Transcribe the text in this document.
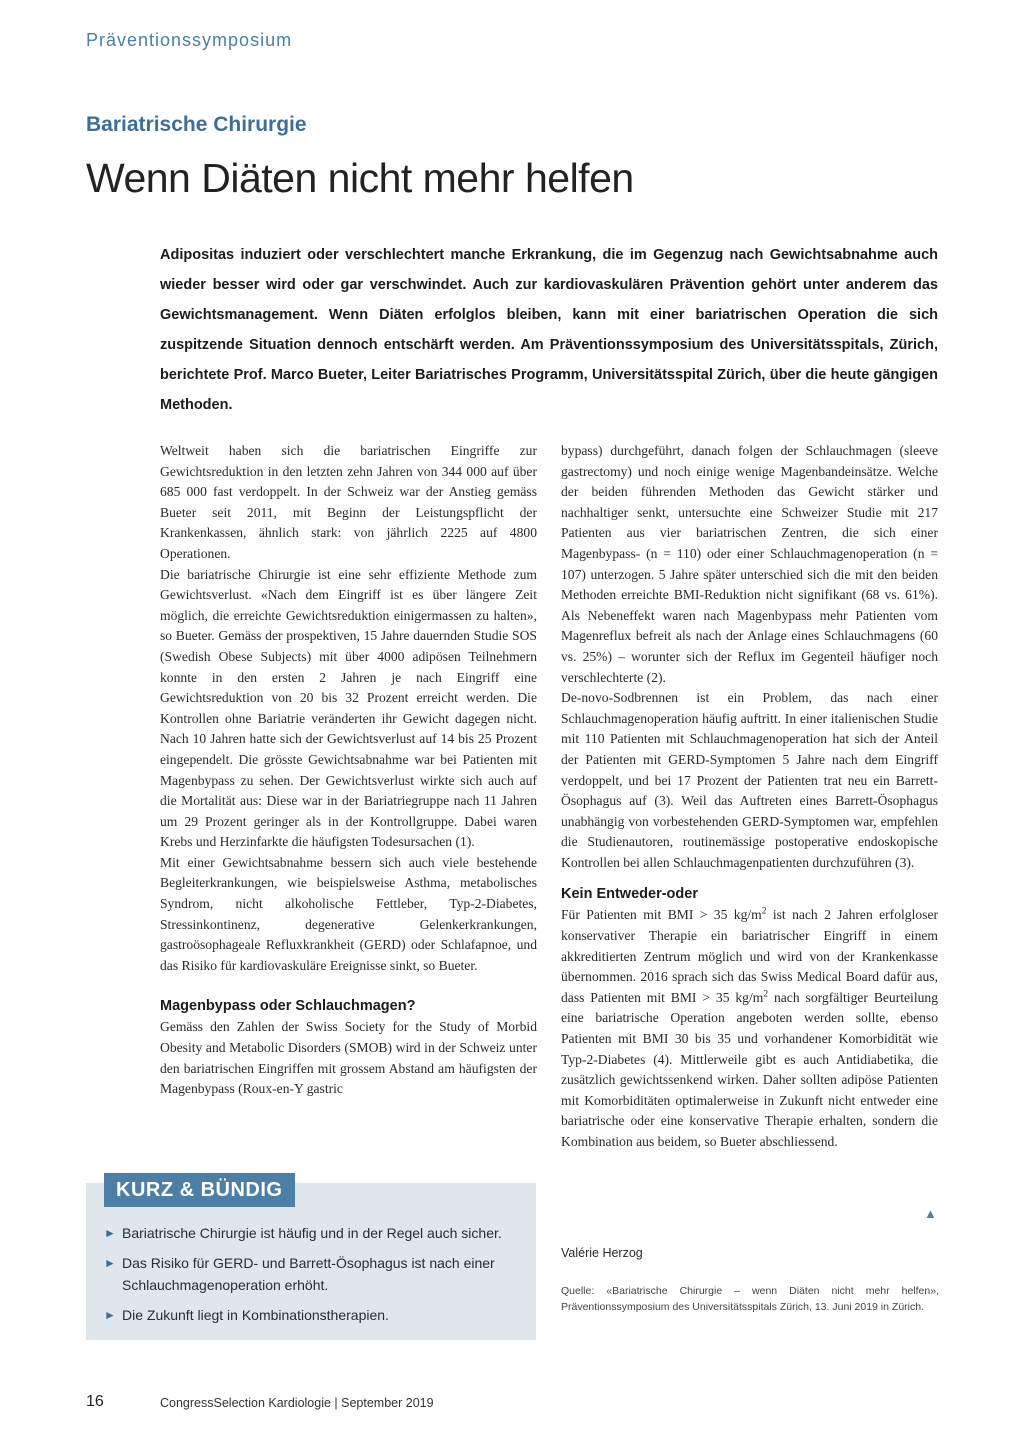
Präventionssymposium
Bariatrische Chirurgie
Wenn Diäten nicht mehr helfen
Adipositas induziert oder verschlechtert manche Erkrankung, die im Gegenzug nach Gewichtsabnahme auch wieder besser wird oder gar verschwindet. Auch zur kardiovaskulären Prävention gehört unter anderem das Gewichtsmanagement. Wenn Diäten erfolglos bleiben, kann mit einer bariatrischen Operation die sich zuspitzende Situation dennoch entschärft werden. Am Präventionssymposium des Universitätsspitals, Zürich, berichtete Prof. Marco Bueter, Leiter Bariatrisches Programm, Universitätsspital Zürich, über die heute gängigen Methoden.

Weltweit haben sich die bariatrischen Eingriffe zur Gewichtsreduktion in den letzten zehn Jahren von 344 000 auf über 685 000 fast verdoppelt. In der Schweiz war der Anstieg gemäss Bueter seit 2011, mit Beginn der Leistungspflicht der Krankenkassen, ähnlich stark: von jährlich 2225 auf 4800 Operationen.

Die bariatrische Chirurgie ist eine sehr effiziente Methode zum Gewichtsverlust. «Nach dem Eingriff ist es über längere Zeit möglich, die erreichte Gewichtsreduktion einigermassen zu halten», so Bueter. Gemäss der prospektiven, 15 Jahre dauernden Studie SOS (Swedish Obese Subjects) mit über 4000 adipösen Teilnehmern konnte in den ersten 2 Jahren je nach Eingriff eine Gewichtsreduktion von 20 bis 32 Prozent erreicht werden. Die Kontrollen ohne Bariatrie veränderten ihr Gewicht dagegen nicht. Nach 10 Jahren hatte sich der Gewichtsverlust auf 14 bis 25 Prozent eingependelt. Die grösste Gewichtsabnahme war bei Patienten mit Magenbypass zu sehen. Der Gewichtsverlust wirkte sich auch auf die Mortalität aus: Diese war in der Bariatriegruppe nach 11 Jahren um 29 Prozent geringer als in der Kontrollgruppe. Dabei waren Krebs und Herzinfarkte die häufigsten Todesursachen (1).

Mit einer Gewichtsabnahme bessern sich auch viele bestehende Begleiterkrankungen, wie beispielsweise Asthma, metabolisches Syndrom, nicht alkoholische Fettleber, Typ-2-Diabetes, Stressinkontinenz, degenerative Gelenkerkrankungen, gastroösophageale Refluxkrankheit (GERD) oder Schlafapnoe, und das Risiko für kardiovaskuläre Ereignisse sinkt, so Bueter.

Magenbypass oder Schlauchmagen?

Gemäss den Zahlen der Swiss Society for the Study of Morbid Obesity and Metabolic Disorders (SMOB) wird in der Schweiz unter den bariatrischen Eingriffen mit grossem Abstand am häufigsten der Magenbypass (Roux-en-Y gastric

bypass) durchgeführt, danach folgen der Schlauchmagen (sleeve gastrectomy) und noch einige wenige Magenbandeinsätze. Welche der beiden führenden Methoden das Gewicht stärker und nachhaltiger senkt, untersuchte eine Schweizer Studie mit 217 Patienten aus vier bariatrischen Zentren, die sich einer Magenbypass- (n = 110) oder einer Schlauchmagenoperation (n = 107) unterzogen. 5 Jahre später unterschied sich die mit den beiden Methoden erreichte BMI-Reduktion nicht signifikant (68 vs. 61%). Als Nebeneffekt waren nach Magenbypass mehr Patienten vom Magenreflux befreit als nach der Anlage eines Schlauchmagens (60 vs. 25%) – worunter sich der Reflux im Gegenteil häufiger noch verschlechterte (2).

De-novo-Sodbrennen ist ein Problem, das nach einer Schlauchmagenoperation häufig auftritt. In einer italienischen Studie mit 110 Patienten mit Schlauchmagenoperation hat sich der Anteil der Patienten mit GERD-Symptomen 5 Jahre nach dem Eingriff verdoppelt, und bei 17 Prozent der Patienten trat neu ein Barrett-Ösophagus auf (3). Weil das Auftreten eines Barrett-Ösophagus unabhängig von vorbestehenden GERD-Symptomen war, empfehlen die Studienautoren, routinemässige postoperative endoskopische Kontrollen bei allen Schlauchmagenpatienten durchzuführen (3).

Kein Entweder-oder

Für Patienten mit BMI > 35 $kg/m^2$ ist nach 2 Jahren erfolgloser konservativer Therapie ein bariatrischer Eingriff in einem akkreditierten Zentrum möglich und wird von der Krankenkasse übernommen. 2016 sprach sich das Swiss Medical Board dafür aus, dass Patienten mit BMI > 35 $kg/m^2$ nach sorgfältiger Beurteilung eine bariatrische Operation angeboten werden sollte, ebenso Patienten mit BMI 30 bis 35 und vorhandener Komorbidität wie Typ-2-Diabetes (4). Mittlerweile gibt es auch Antidiabetika, die zusätzlich gewichtssenkend wirken. Daher sollten adipöse Patienten mit Komorbiditäten optimalerweise in Zukunft nicht entweder eine bariatrische oder eine konservative Therapie erhalten, sondern die Kombination aus beidem, so Bueter abschliessend.

▲
Valérie Herzog
Quelle: «Bariatrische Chirurgie – wenn Diäten nicht mehr helfen», Präventionssymposium des Universitätsspitals Zürich, 13. Juni 2019 in Zürich.
KURZ & BÜNDIG
► Bariatrische Chirurgie ist häufig und in der Regel auch sicher.
► Das Risiko für GERD- und Barrett-Ösophagus ist nach einer Schlauchmagenoperation erhöht.
► Die Zukunft liegt in Kombinationstherapien.
16	CongressSelection Kardiologie | September 2019
